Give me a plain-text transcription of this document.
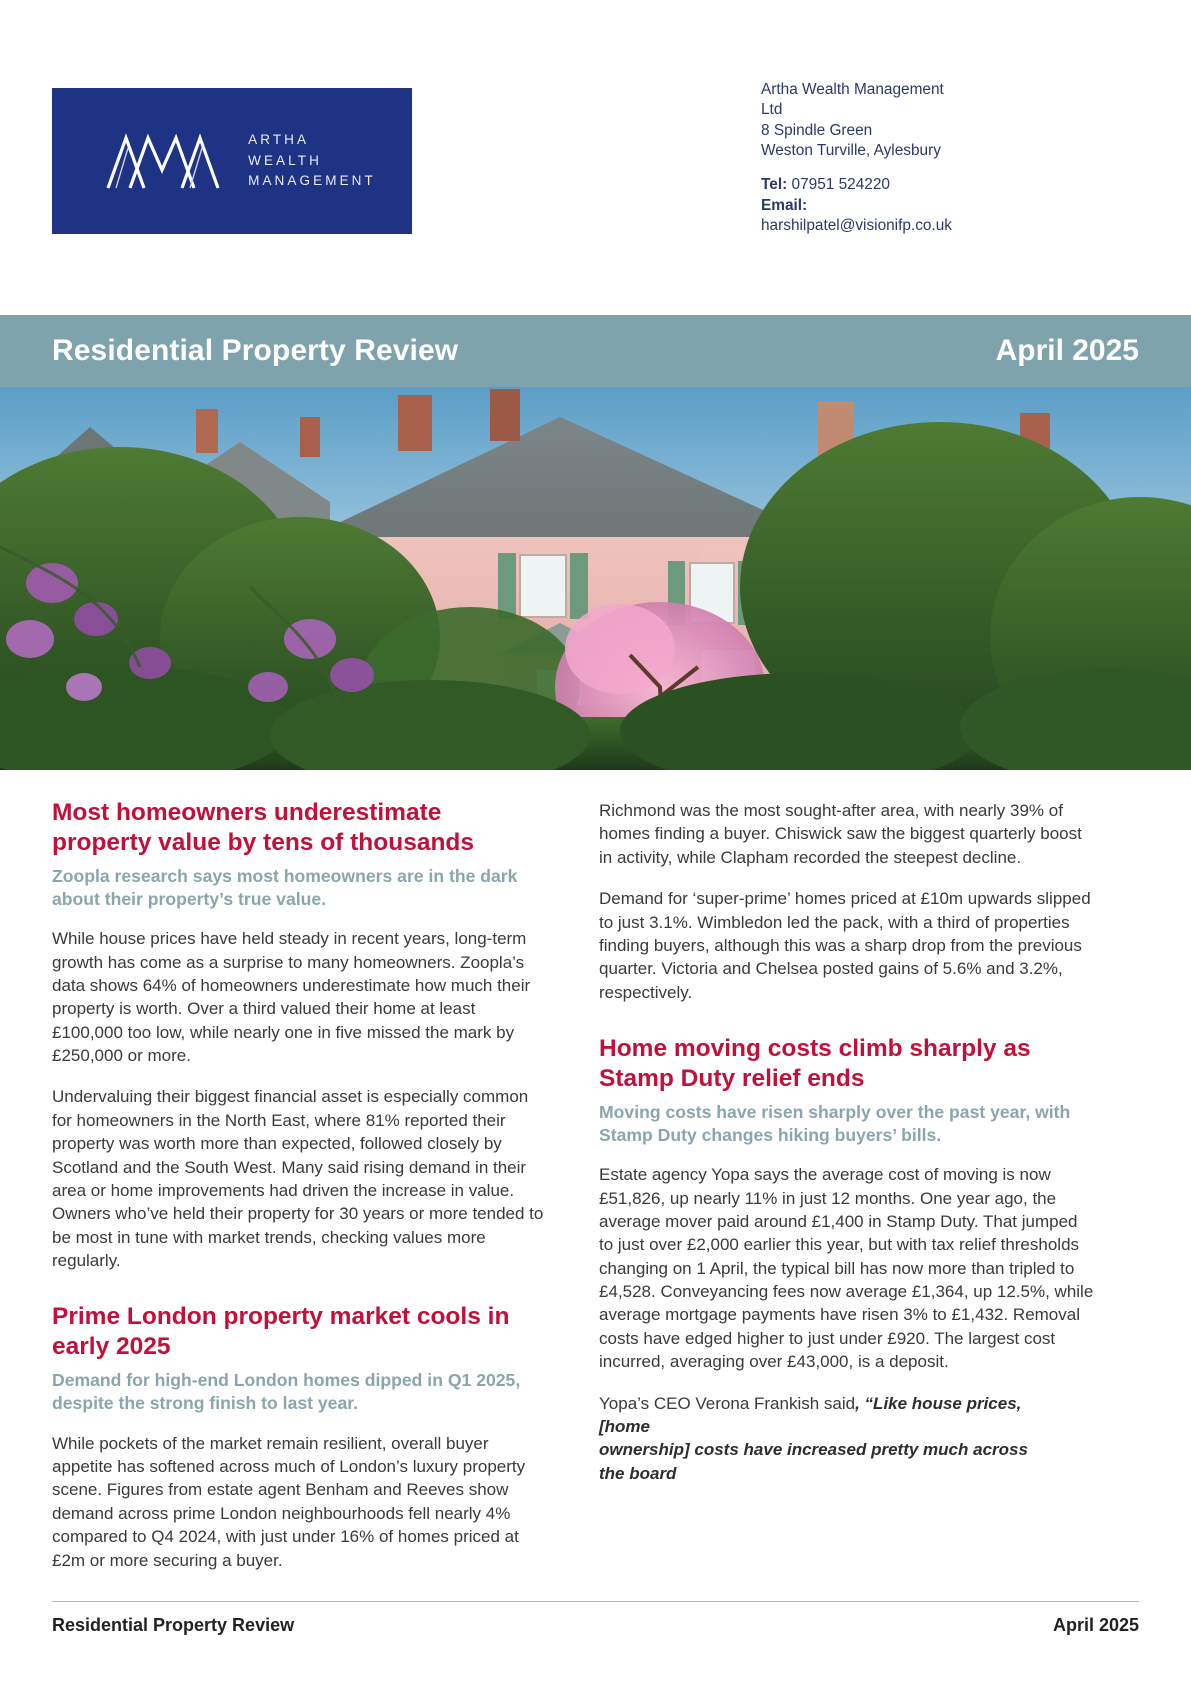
ARTHA
WEALTH
MANAGEMENT
Artha Wealth Management
Ltd
8 Spindle Green
Weston Turville, Aylesbury
Tel: 07951 524220
Email:
harshilpatel@visionifp.co.uk
Residential Property Review	April 2025
Most homeowners underestimate property value by tens of thousands

Zoopla research says most homeowners are in the dark about their property’s true value.

While house prices have held steady in recent years, long-term growth has come as a surprise to many homeowners. Zoopla’s data shows 64% of homeowners underestimate how much their property is worth. Over a third valued their home at least £100,000 too low, while nearly one in five missed the mark by £250,000 or more.

Undervaluing their biggest financial asset is especially common for homeowners in the North East, where 81% reported their property was worth more than expected, followed closely by Scotland and the South West. Many said rising demand in their area or home improvements had driven the increase in value. Owners who’ve held their property for 30 years or more tended to be most in tune with market trends, checking values more regularly.

Prime London property market cools in early 2025

Demand for high-end London homes dipped in Q1 2025, despite the strong finish to last year.

While pockets of the market remain resilient, overall buyer appetite has softened across much of London’s luxury property scene. Figures from estate agent Benham and Reeves show demand across prime London neighbourhoods fell nearly 4% compared to Q4 2024, with just under 16% of homes priced at £2m or more securing a buyer.

Richmond was the most sought-after area, with nearly 39% of homes finding a buyer. Chiswick saw the biggest quarterly boost in activity, while Clapham recorded the steepest decline.

Demand for ‘super-prime’ homes priced at £10m upwards slipped to just 3.1%. Wimbledon led the pack, with a third of properties finding buyers, although this was a sharp drop from the previous quarter. Victoria and Chelsea posted gains of 5.6% and 3.2%, respectively.

Home moving costs climb sharply as Stamp Duty relief ends

Moving costs have risen sharply over the past year, with Stamp Duty changes hiking buyers’ bills.

Estate agency Yopa says the average cost of moving is now £51,826, up nearly 11% in just 12 months. One year ago, the average mover paid around £1,400 in Stamp Duty. That jumped to just over £2,000 earlier this year, but with tax relief thresholds changing on 1 April, the typical bill has now more than tripled to £4,528. Conveyancing fees now average £1,364, up 12.5%, while average mortgage payments have risen 3% to £1,432. Removal costs have edged higher to just under £920. The largest cost incurred, averaging over £43,000, is a deposit.

Yopa’s CEO Verona Frankish said, “Like house prices,
[home
ownership] costs have increased pretty much across
the board

Residential Property Review	April 2025
